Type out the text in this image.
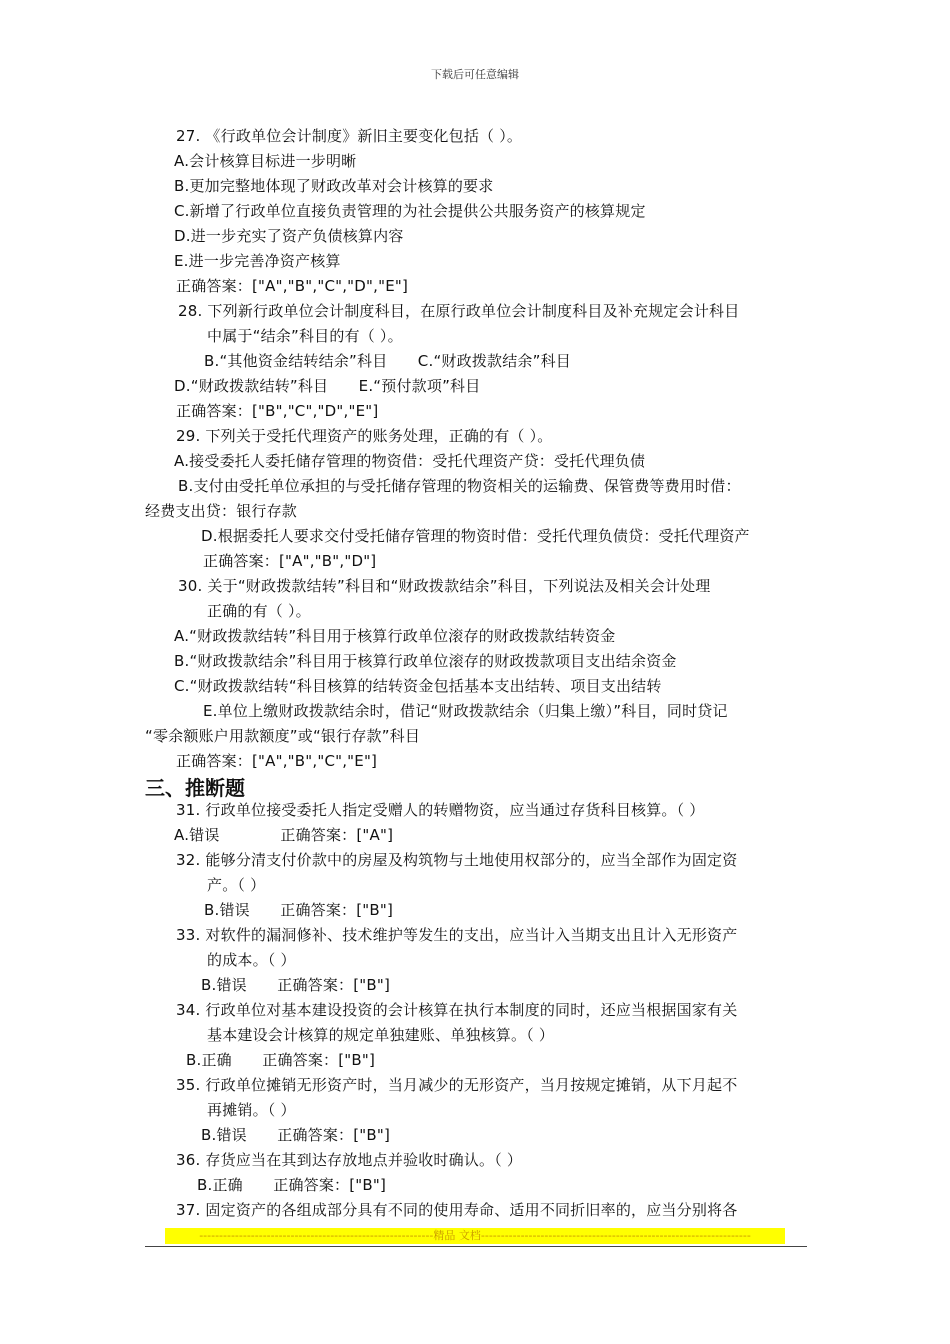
下载后可任意编辑
27. 《行政单位会计制度》新旧主要变化包括（ ）。
A.会计核算目标进一步明晰
B.更加完整地体现了财政改革对会计核算的要求
C.新增了行政单位直接负责管理的为社会提供公共服务资产的核算规定
D.进一步充实了资产负债核算内容
E.进一步完善净资产核算
正确答案：["A","B","C","D","E"]
28. 下列新行政单位会计制度科目，在原行政单位会计制度科目及补充规定会计科目
中属于“结余”科目的有（ ）。
B.“其他资金结转结余”科目　　C.“财政拨款结余”科目
D.“财政拨款结转”科目　　E.“预付款项”科目
正确答案：["B","C","D","E"]
29. 下列关于受托代理资产的账务处理，正确的有（ ）。
A.接受委托人委托储存管理的物资借：受托代理资产贷：受托代理负债
B.支付由受托单位承担的与受托储存管理的物资相关的运输费、保管费等费用时借：
经费支出贷：银行存款
D.根据委托人要求交付受托储存管理的物资时借：受托代理负债贷：受托代理资产
正确答案：["A","B","D"]
30. 关于“财政拨款结转”科目和“财政拨款结余”科目，下列说法及相关会计处理
正确的有（ ）。
A.“财政拨款结转”科目用于核算行政单位滚存的财政拨款结转资金
B.“财政拨款结余”科目用于核算行政单位滚存的财政拨款项目支出结余资金
C.“财政拨款结转“科目核算的结转资金包括基本支出结转、项目支出结转
E.单位上缴财政拨款结余时，借记“财政拨款结余（归集上缴）”科目，同时贷记
“零余额账户用款额度”或“银行存款”科目
正确答案：["A","B","C","E"]
三、推断题
31. 行政单位接受委托人指定受赠人的转赠物资，应当通过存货科目核算。（ ）
A.错误　　　　正确答案：["A"]
32. 能够分清支付价款中的房屋及构筑物与土地使用权部分的，应当全部作为固定资
产。（ ）
B.错误　　正确答案：["B"]
33. 对软件的漏洞修补、技术维护等发生的支出，应当计入当期支出且计入无形资产
的成本。（ ）
B.错误　　正确答案：["B"]
34. 行政单位对基本建设投资的会计核算在执行本制度的同时，还应当根据国家有关
基本建设会计核算的规定单独建账、单独核算。（ ）
B.正确　　正确答案：["B"]
35. 行政单位摊销无形资产时，当月减少的无形资产，当月按规定摊销，从下月起不
再摊销。（ ）
B.错误　　正确答案：["B"]
36. 存货应当在其到达存放地点并验收时确认。（ ）
B.正确　　正确答案：["B"]
37. 固定资产的各组成部分具有不同的使用寿命、适用不同折旧率的，应当分别将各
-----------------------------------------------------------精品 文档--------------------------------------------------------------------
